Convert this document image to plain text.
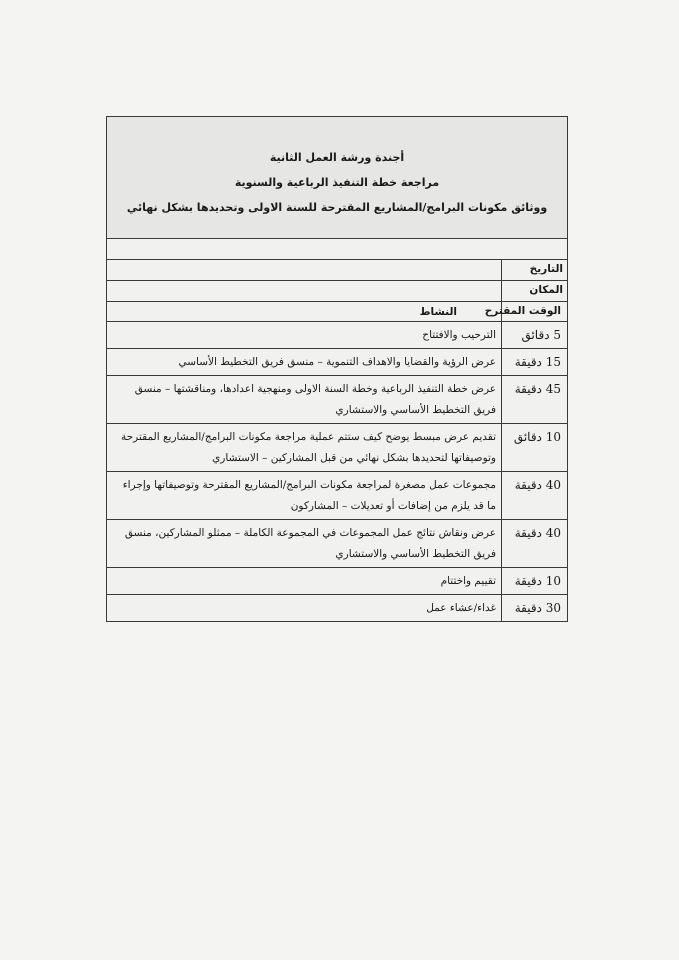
أجندة ورشة العمل الثانية
مراجعة خطة التنفيذ الرباعية والسنوية
ووثائق مكونات البرامج/المشاريع المقترحة للسنة الاولى وتحديدها بشكل نهائي
التاريخ
المكان
الوقت المقترح
النشاط
5 دقائق
الترحيب والافتتاح
15 دقيقة
عرض الرؤية والقضايا والاهداف التنموية – منسق فريق التخطيط الأساسي
45 دقيقة
عرض خطة التنفيذ الرباعية وخطة السنة الاولى ومنهجية اعدادها، ومناقشتها – منسق فريق التخطيط الأساسي والاستشاري
10 دقائق
تقديم عرض مبسط يوضح كيف ستتم عملية مراجعة مكونات البرامج/المشاريع المقترحة وتوصيفاتها لتحديدها بشكل نهائي من قبل المشاركين – الاستشاري
40 دقيقة
مجموعات عمل مصغرة لمراجعة مكونات البرامج/المشاريع المقترحة وتوصيفاتها وإجراء ما قد يلزم من إضافات أو تعديلات – المشاركون
40 دقيقة
عرض ونقاش نتائج عمل المجموعات في المجموعة الكاملة – ممثلو المشاركين، منسق فريق التخطيط الأساسي والاستشاري
10 دقيقة
تقييم واختتام
30 دقيقة
غداء/عشاء عمل
